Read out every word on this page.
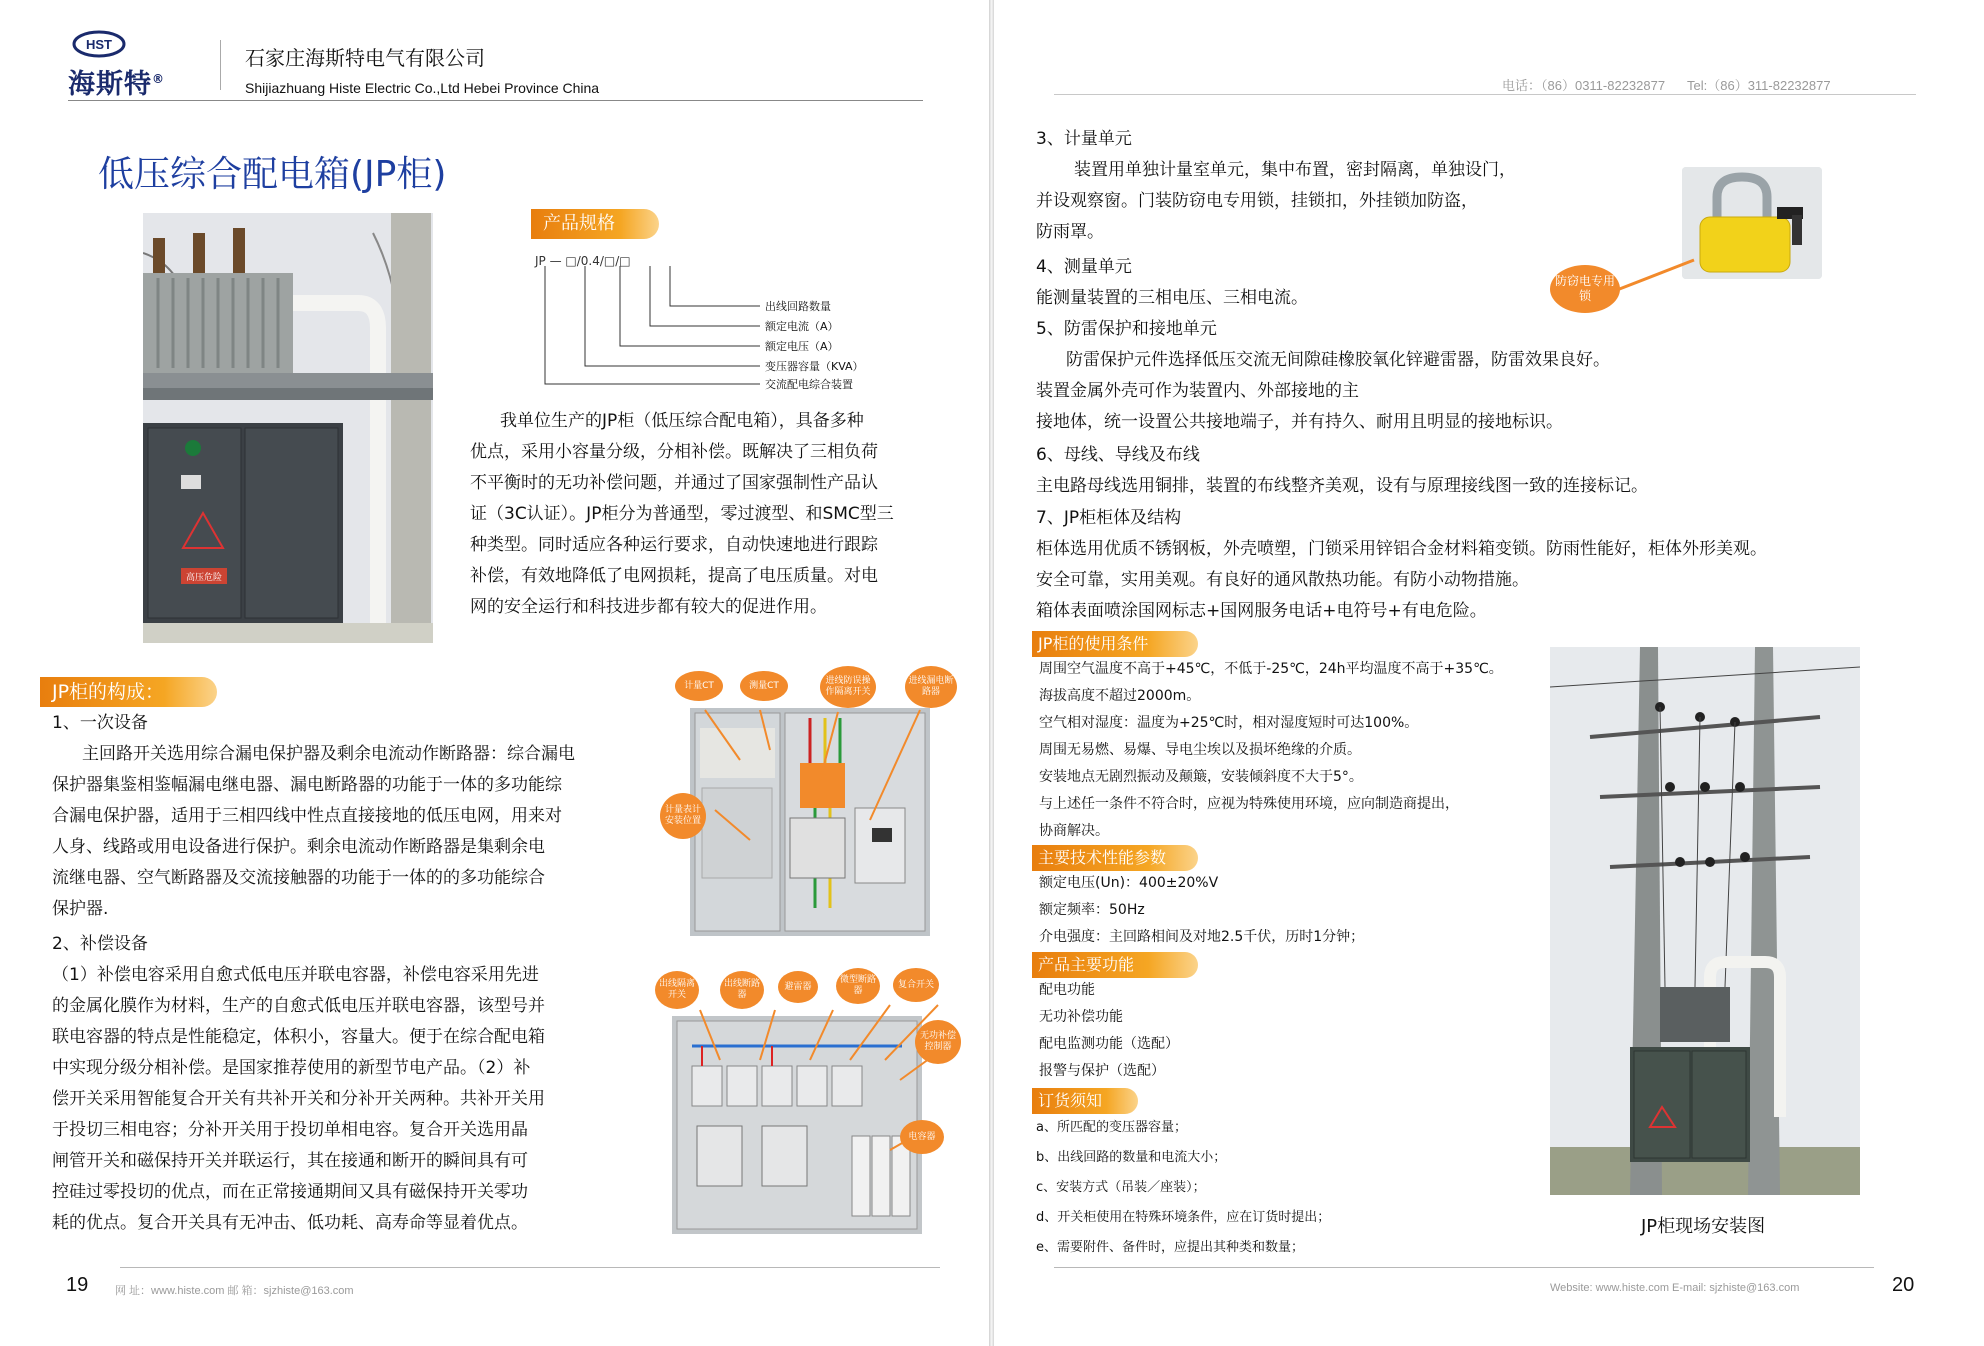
HST
海斯特®
石家庄海斯特电气有限公司
Shijiazhuang Histe Electric Co.,Ltd Hebei Province China
低压综合配电箱(JP柜)
高压危险
产品规格
JP — □/0.4/□/□
出线回路数量
额定电流（A）
额定电压（A）
变压器容量（KVA）
交流配电综合装置
我单位生产的JP柜（低压综合配电箱），具备多种
优点，采用小容量分级，分相补偿。既解决了三相负荷
不平衡时的无功补偿问题，并通过了国家强制性产品认
证（3C认证）。JP柜分为普通型，零过渡型、和SMC型三
种类型。同时适应各种运行要求，自动快速地进行跟踪
补偿，有效地降低了电网损耗，提高了电压质量。对电
网的安全运行和科技进步都有较大的促进作用。
JP柜的构成：
1、一次设备
主回路开关选用综合漏电保护器及剩余电流动作断路器：综合漏电
保护器集鉴相鉴幅漏电继电器、漏电断路器的功能于一体的多功能综
合漏电保护器，适用于三相四线中性点直接接地的低压电网，用来对
人身、线路或用电设备进行保护。剩余电流动作断路器是集剩余电
流继电器、空气断路器及交流接触器的功能于一体的的多功能综合
保护器.
2、补偿设备
（1）补偿电容采用自愈式低电压并联电容器，补偿电容采用先进
的金属化膜作为材料，生产的自愈式低电压并联电容器，该型号并
联电容器的特点是性能稳定，体积小，容量大。便于在综合配电箱
中实现分级分相补偿。是国家推荐使用的新型节电产品。（2）补
偿开关采用智能复合开关有共补开关和分补开关两种。共补开关用
于投切三相电容；分补开关用于投切单相电容。复合开关选用晶
闸管开关和磁保持开关并联运行，其在接通和断开的瞬间具有可
控硅过零投切的优点，而在正常接通期间又具有磁保持开关零功
耗的优点。复合开关具有无冲击、低功耗、高寿命等显着优点。
计量CT	测量CT	进线防误操作隔离开关
进线漏电断路器
计量表计安装位置
出线隔离开关
出线断路器
避雷器
微型断路器
复合开关
无功补偿控制器
电容器
19 网 址：www.histe.com 邮 箱：sjzhiste@163.com
电话：（86）0311-82232877 Tel:（86）311-82232877
3、计量单元
装置用单独计量室单元，集中布置，密封隔离，单独设门，
并设观察窗。门装防窃电专用锁，挂锁扣，外挂锁加防盗，
防雨罩。
防窃电专用锁
4、测量单元
能测量装置的三相电压、三相电流。
5、防雷保护和接地单元
防雷保护元件选择低压交流无间隙硅橡胶氧化锌避雷器，防雷效果良好。
装置金属外壳可作为装置内、外部接地的主
接地体，统一设置公共接地端子，并有持久、耐用且明显的接地标识。
6、母线、导线及布线
主电路母线选用铜排，装置的布线整齐美观，设有与原理接线图一致的连接标记。
7、JP柜柜体及结构
柜体选用优质不锈钢板，外壳喷塑，门锁采用锌铝合金材料箱变锁。防雨性能好，柜体外形美观。
安全可靠，实用美观。有良好的通风散热功能。有防小动物措施。
箱体表面喷涂国网标志+国网服务电话+电符号+有电危险。
JP柜的使用条件
周围空气温度不高于+45℃，不低于-25℃，24h平均温度不高于+35℃。
海拔高度不超过2000m。
空气相对湿度：温度为+25℃时，相对湿度短时可达100%。
周围无易燃、易爆、导电尘埃以及损坏绝缘的介质。
安装地点无剧烈振动及颠簸，安装倾斜度不大于5°。
与上述任一条件不符合时，应视为特殊使用环境，应向制造商提出，
协商解决。
主要技术性能参数
额定电压(Un)：400±20%V
额定频率：50Hz
介电强度：主回路相间及对地2.5千伏，历时1分钟；
产品主要功能
配电功能
无功补偿功能
配电监测功能（选配）
报警与保护（选配）
订货须知
a、所匹配的变压器容量；
b、出线回路的数量和电流大小；
c、安装方式（吊装／座装）；
d、开关柜使用在特殊环境条件，应在订货时提出；
e、需要附件、备件时，应提出其种类和数量；
JP柜现场安装图
Website: www.histe.com E-mail: sjzhiste@163.com	20
